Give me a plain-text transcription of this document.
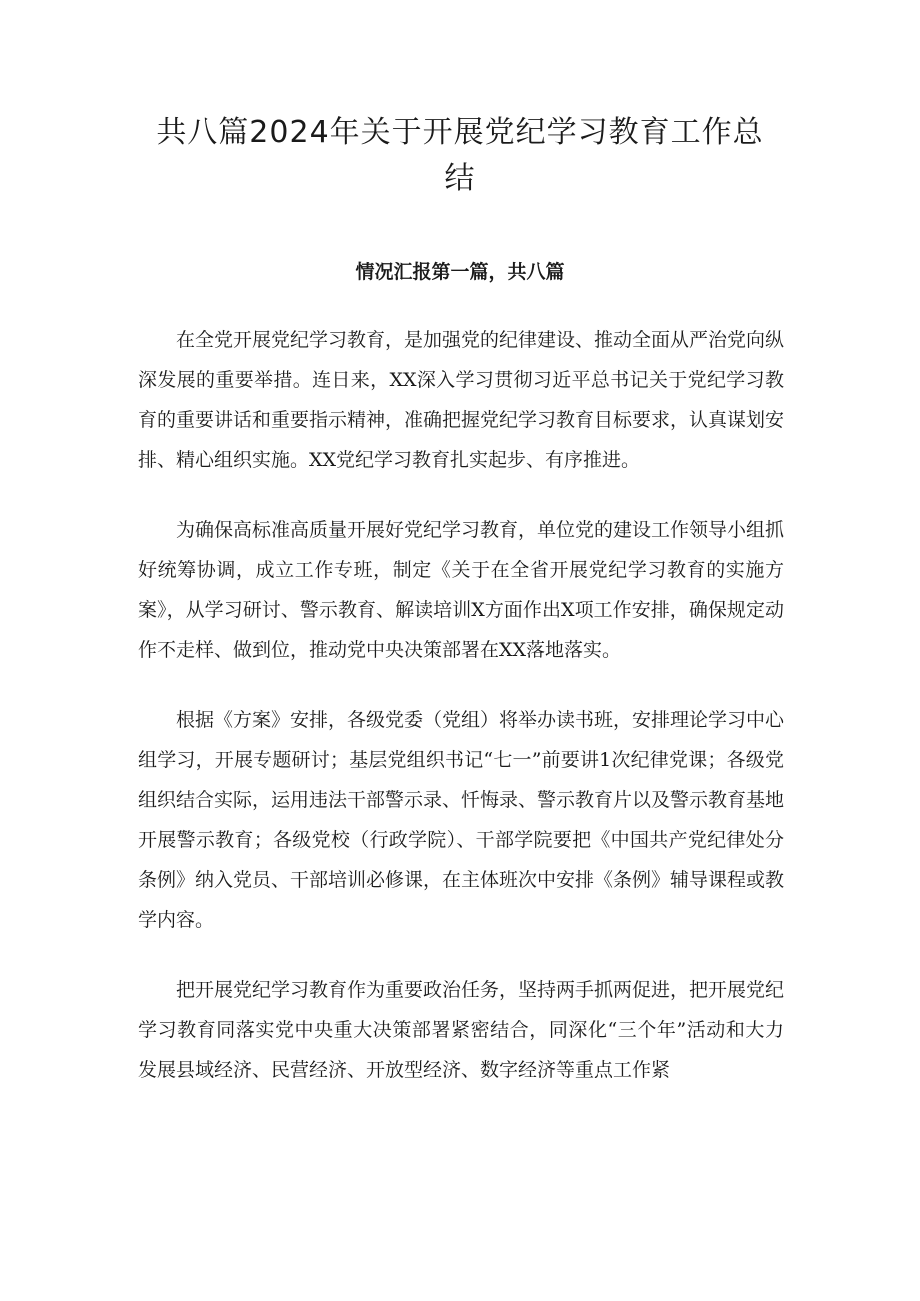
共八篇2024年关于开展党纪学习教育工作总结
情况汇报第一篇，共八篇

在全党开展党纪学习教育，是加强党的纪律建设、推动全面从严治党向纵深发展的重要举措。连日来，XX深入学习贯彻习近平总书记关于党纪学习教育的重要讲话和重要指示精神，准确把握党纪学习教育目标要求，认真谋划安排、精心组织实施。XX党纪学习教育扎实起步、有序推进。

为确保高标准高质量开展好党纪学习教育，单位党的建设工作领导小组抓好统筹协调，成立工作专班，制定《关于在全省开展党纪学习教育的实施方案》，从学习研讨、警示教育、解读培训X方面作出X项工作安排，确保规定动作不走样、做到位，推动党中央决策部署在XX落地落实。

根据《方案》安排，各级党委（党组）将举办读书班，安排理论学习中心组学习，开展专题研讨；基层党组织书记“七一”前要讲1次纪律党课；各级党组织结合实际，运用违法干部警示录、忏悔录、警示教育片以及警示教育基地开展警示教育；各级党校（行政学院）、干部学院要把《中国共产党纪律处分条例》纳入党员、干部培训必修课，在主体班次中安排《条例》辅导课程或教学内容。

把开展党纪学习教育作为重要政治任务，坚持两手抓两促进，把开展党纪学习教育同落实党中央重大决策部署紧密结合，同深化“三个年”活动和大力发展县域经济、民营经济、开放型经济、数字经济等重点工作紧
